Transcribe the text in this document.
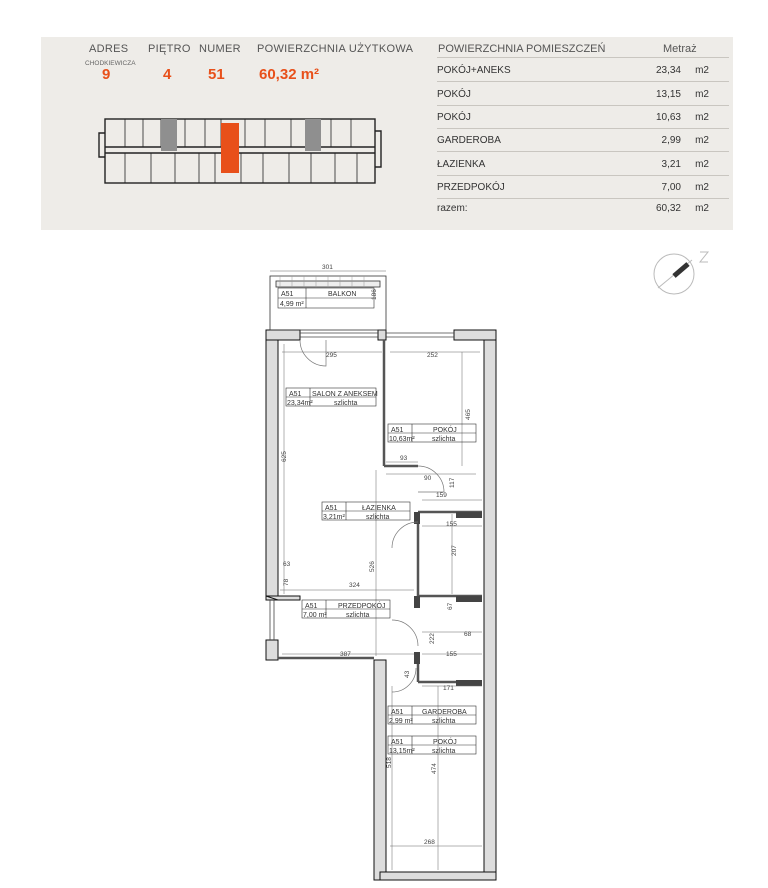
ADRES
CHODKIEWICZA
9
PIĘTRO
4
NUMER
51
POWIERZCHNIA UŻYTKOWA
60,32 m²
POWIERZCHNIA POMIESZCZEŃ	Metraż
POKÓJ+ANEKS	23,34 m2
POKÓJ	13,15 m2
POKÓJ	10,63 m2
GARDEROBA	2,99 m2
ŁAZIENKA	3,21 m2
PRZEDPOKÓJ	7,00 m2
razem:	60,32 m2
A51	BALKON
4,99 m²
A51 SALON Z ANEKSEM
23,34m²	szlichta
A51	POKÓJ
10,63m² szlichta
A51	ŁAZIENKA
3,21m²	szlichta
A51	PRZEDPOKÓJ
7,00 m²	szlichta
A51	GARDEROBA
2,99 m²	szlichta
A51	POKÓJ
13,15m² szlichta
301
186
295	252
465
625	93
90	117
159
155
207
63
78	324
526
67
68
222
387	155
43
171
518
474
268
